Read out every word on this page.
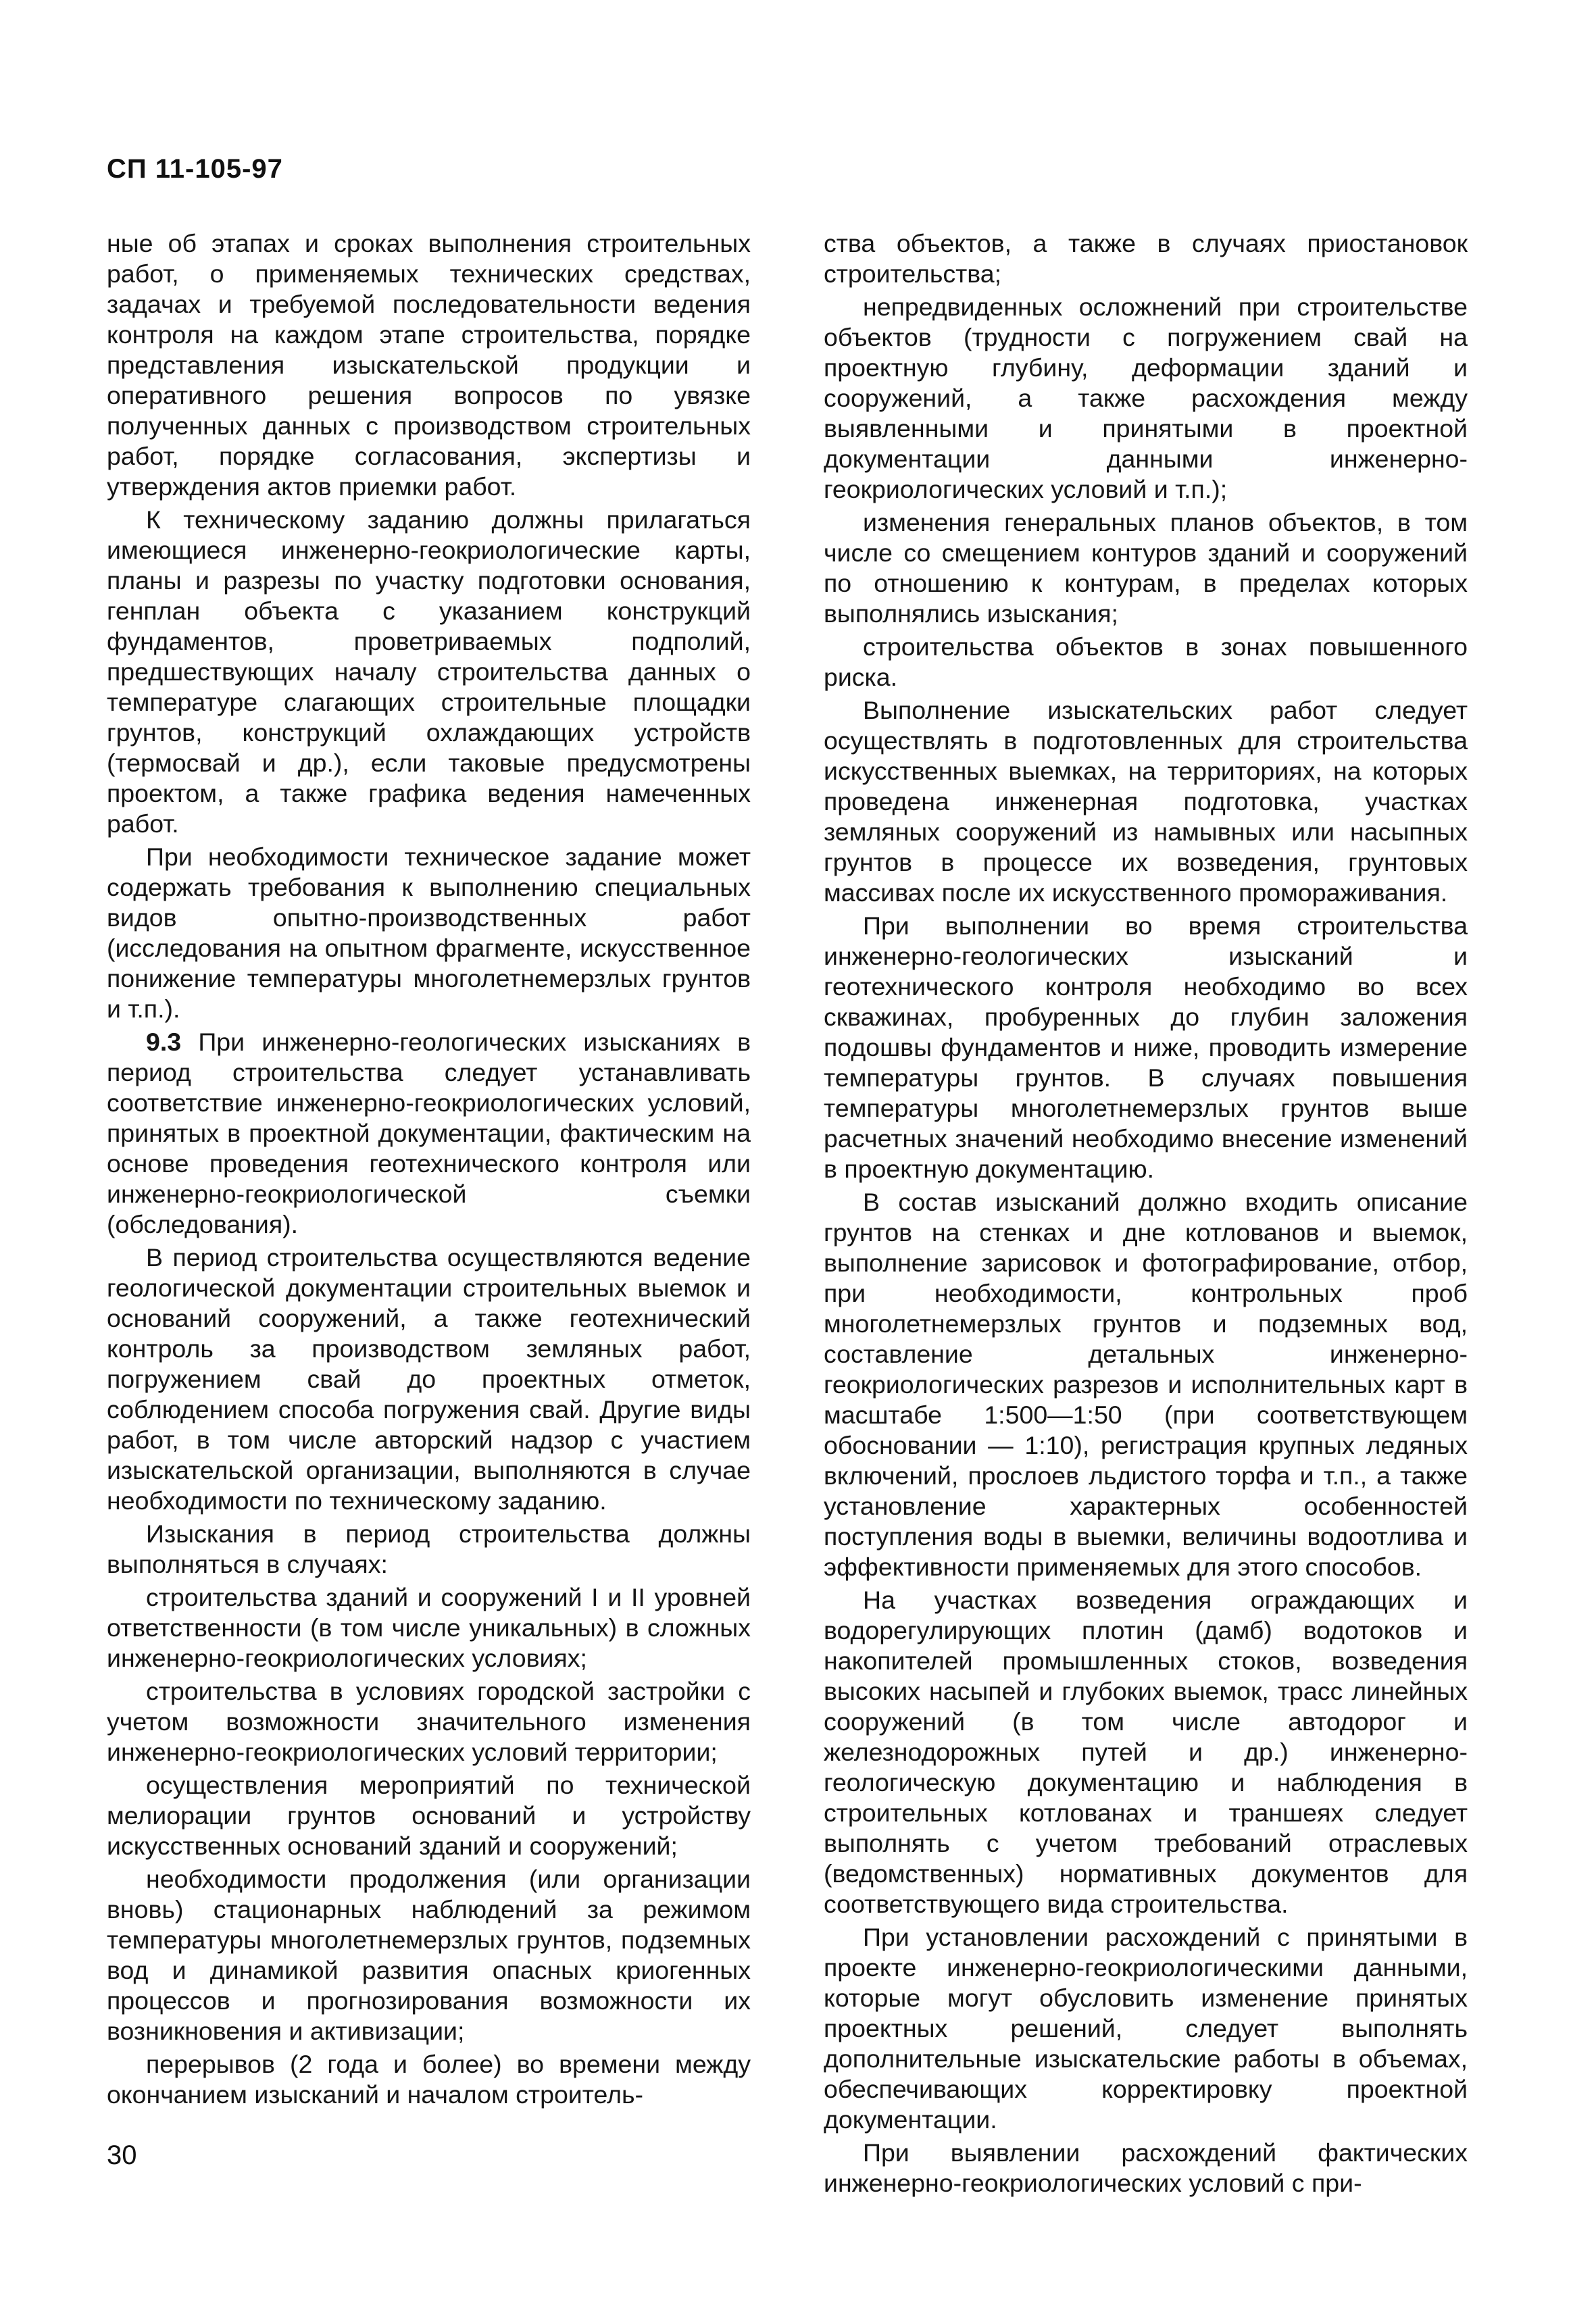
СП 11-105-97

ные об этапах и сроках выполнения строительных работ, о применяемых технических средствах, задачах и требуемой последовательности ведения контроля на каждом этапе строительства, порядке представления изыскательской продукции и оперативного решения вопросов по увязке полученных данных с производством строительных работ, порядке согласования, экспертизы и утверждения актов приемки работ.

К техническому заданию должны прилагаться имеющиеся инженерно-геокриологические карты, планы и разрезы по участку подготовки основания, генплан объекта с указанием конструкций фундаментов, проветриваемых подполий, предшествующих началу строительства данных о температуре слагающих строительные площадки грунтов, конструкций охлаждающих устройств (термосвай и др.), если таковые предусмотрены проектом, а также графика ведения намеченных работ.

При необходимости техническое задание может содержать требования к выполнению специальных видов опытно-производственных работ (исследования на опытном фрагменте, искусственное понижение температуры многолетнемерзлых грунтов и т.п.).

9.3 При инженерно-геологических изысканиях в период строительства следует устанавливать соответствие инженерно-геокриологических условий, принятых в проектной документации, фактическим на основе проведения геотехнического контроля или инженерно-геокриологической съемки (обследования).

В период строительства осуществляются ведение геологической документации строительных выемок и оснований сооружений, а также геотехнический контроль за производством земляных работ, погружением свай до проектных отметок, соблюдением способа погружения свай. Другие виды работ, в том числе авторский надзор с участием изыскательской организации, выполняются в случае необходимости по техническому заданию.

Изыскания в период строительства должны выполняться в случаях:

строительства зданий и сооружений I и II уровней ответственности (в том числе уникальных) в сложных инженерно-геокриологических условиях;

строительства в условиях городской застройки с учетом возможности значительного изменения инженерно-геокриологических условий территории;

осуществления мероприятий по технической мелиорации грунтов оснований и устройству искусственных оснований зданий и сооружений;

необходимости продолжения (или организации вновь) стационарных наблюдений за режимом температуры многолетнемерзлых грунтов, подземных вод и динамикой развития опасных криогенных процессов и прогнозирования возможности их возникновения и активизации;

перерывов (2 года и более) во времени между окончанием изысканий и началом строитель-

ства объектов, а также в случаях приостановок строительства;

непредвиденных осложнений при строительстве объектов (трудности с погружением свай на проектную глубину, деформации зданий и сооружений, а также расхождения между выявленными и принятыми в проектной документации данными инженерно-геокриологических условий и т.п.);

изменения генеральных планов объектов, в том числе со смещением контуров зданий и сооружений по отношению к контурам, в пределах которых выполнялись изыскания;

строительства объектов в зонах повышенного риска.

Выполнение изыскательских работ следует осуществлять в подготовленных для строительства искусственных выемках, на территориях, на которых проведена инженерная подготовка, участках земляных сооружений из намывных или насыпных грунтов в процессе их возведения, грунтовых массивах после их искусственного промораживания.

При выполнении во время строительства инженерно-геологических изысканий и геотехнического контроля необходимо во всех скважинах, пробуренных до глубин заложения подошвы фундаментов и ниже, проводить измерение температуры грунтов. В случаях повышения температуры многолетнемерзлых грунтов выше расчетных значений необходимо внесение изменений в проектную документацию.

В состав изысканий должно входить описание грунтов на стенках и дне котлованов и выемок, выполнение зарисовок и фотографирование, отбор, при необходимости, контрольных проб многолетнемерзлых грунтов и подземных вод, составление детальных инженерно-геокриологических разрезов и исполнительных карт в масштабе 1:500—1:50 (при соответствующем обосновании — 1:10), регистрация крупных ледяных включений, прослоев льдистого торфа и т.п., а также установление характерных особенностей поступления воды в выемки, величины водоотлива и эффективности применяемых для этого способов.

На участках возведения ограждающих и водорегулирующих плотин (дамб) водотоков и накопителей промышленных стоков, возведения высоких насыпей и глубоких выемок, трасс линейных сооружений (в том числе автодорог и железнодорожных путей и др.) инженерно-геологическую документацию и наблюдения в строительных котлованах и траншеях следует выполнять с учетом требований отраслевых (ведомственных) нормативных документов для соответствующего вида строительства.

При установлении расхождений с принятыми в проекте инженерно-геокриологическими данными, которые могут обусловить изменение принятых проектных решений, следует выполнять дополнительные изыскательские работы в объемах, обеспечивающих корректировку проектной документации.

При выявлении расхождений фактических инженерно-геокриологических условий с при-

30
